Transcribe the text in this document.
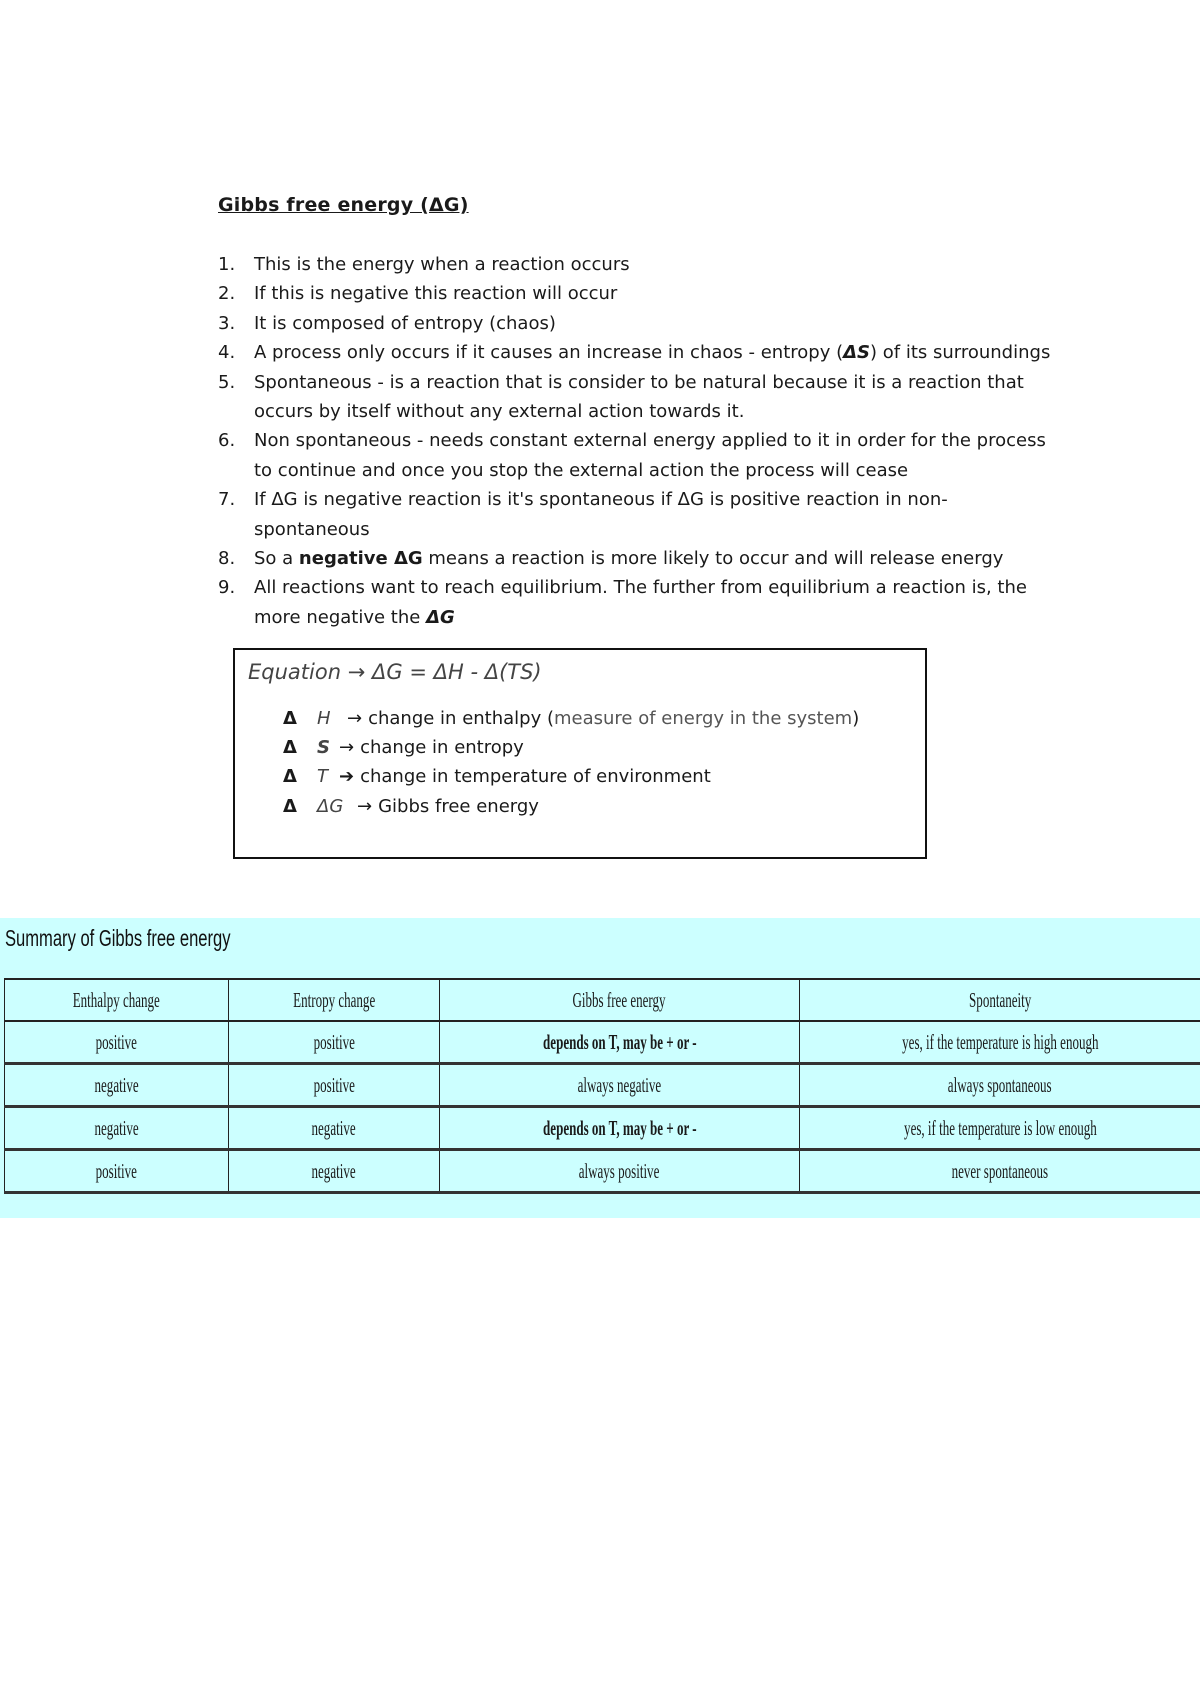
Gibbs free energy (ΔG)
1.	This is the energy when a reaction occurs
2.	If this is negative this reaction will occur
3.	It is composed of entropy (chaos)
4.	A process only occurs if it causes an increase in chaos - entropy (ΔS) of its surroundings
5.	Spontaneous - is a reaction that is consider to be natural because it is a reaction that occurs by itself without any external action towards it.
6.	Non spontaneous - needs constant external energy applied to it in order for the process to continue and once you stop the external action the process will cease
7.	If ΔG is negative reaction is it's spontaneous if ΔG is positive reaction in non-spontaneous
8.	So a negative ΔG means a reaction is more likely to occur and will release energy
9.	All reactions want to reach equilibrium. The further from equilibrium a reaction is, the more negative the ΔG
Equation → ΔG = ΔH - Δ(TS)
Δ	H → change in enthalpy ( measure of energy in the system )
Δ	S → change in entropy
Δ	T ➔ change in temperature of environment
Δ	ΔG → Gibbs free energy
Summary of Gibbs free energy
Enthalpy change	Entropy change	Gibbs free energy	Spontaneity
positive	positive	depends on T, may be + or -	yes, if the temperature is high enough
negative	positive	always negative	always spontaneous
negative	negative	depends on T, may be + or -	yes, if the temperature is low enough
positive	negative	always positive	never spontaneous
